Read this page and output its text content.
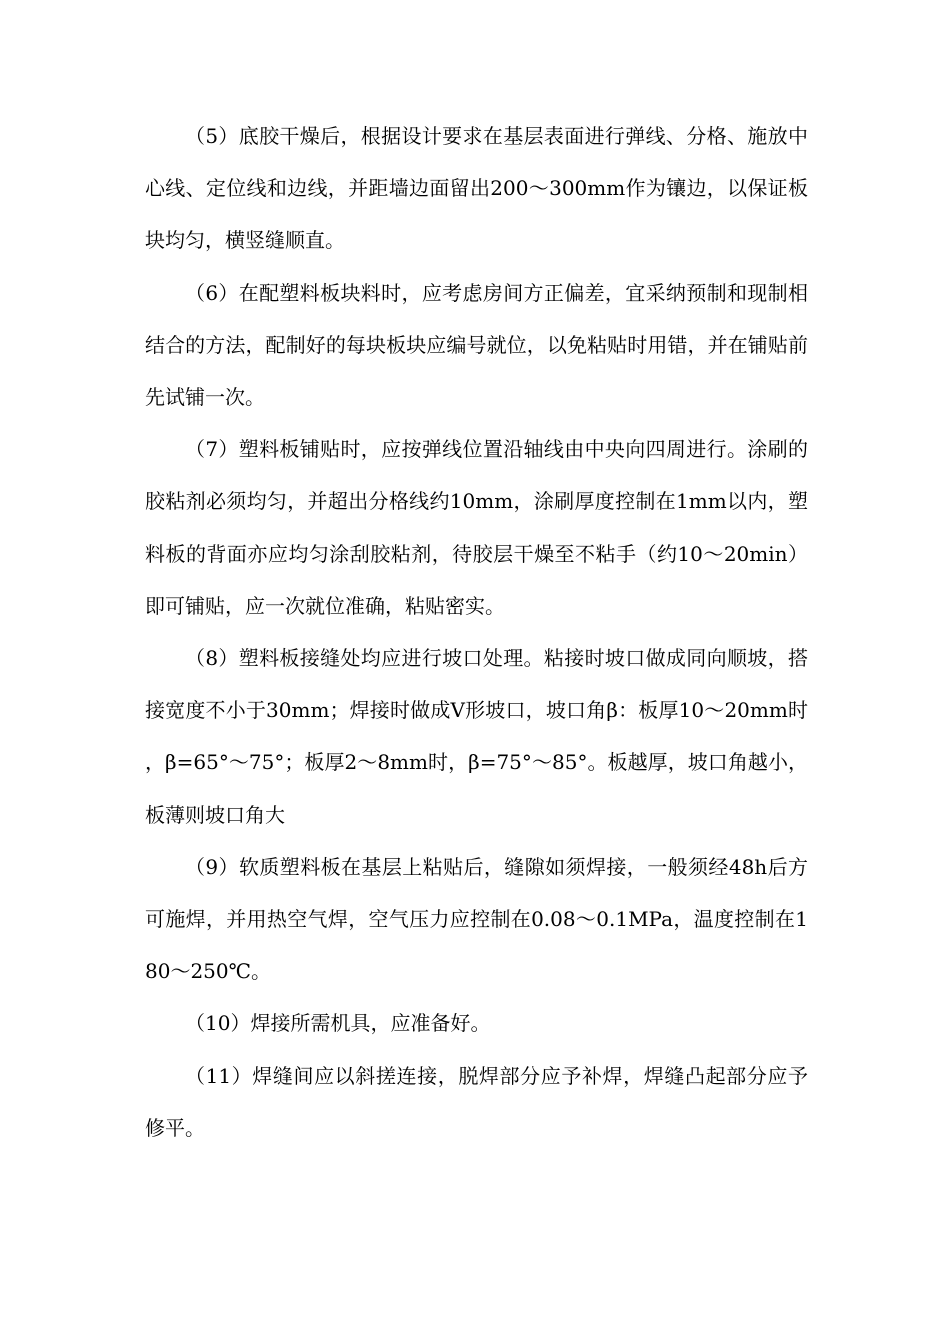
（5）底胶干燥后，根据设计要求在基层表面进行弹线、分格、施放中心线、定位线和边线，并距墙边面留出200～300mm作为镶边，以保证板块均匀，横竖缝顺直。

（6）在配塑料板块料时，应考虑房间方正偏差，宜采纳预制和现制相结合的方法，配制好的每块板块应编号就位，以免粘贴时用错，并在铺贴前先试铺一次。

（7）塑料板铺贴时，应按弹线位置沿轴线由中央向四周进行。涂刷的胶粘剂必须均匀，并超出分格线约10mm，涂刷厚度控制在1mm以内，塑料板的背面亦应均匀涂刮胶粘剂，待胶层干燥至不粘手（约10～20min）即可铺贴，应一次就位准确，粘贴密实。

（8）塑料板接缝处均应进行坡口处理。粘接时坡口做成同向顺坡，搭接宽度不小于30mm；焊接时做成V形坡口，坡口角β：板厚10～20mm时，β=65°～75°；板厚2～8mm时，β=75°～85°。板越厚，坡口角越小，板薄则坡口角大

（9）软质塑料板在基层上粘贴后，缝隙如须焊接，一般须经48h后方可施焊，并用热空气焊，空气压力应控制在0.08～0.1MPa，温度控制在180～250℃。

（10）焊接所需机具，应准备好。

（11）焊缝间应以斜搓连接，脱焊部分应予补焊，焊缝凸起部分应予修平。
